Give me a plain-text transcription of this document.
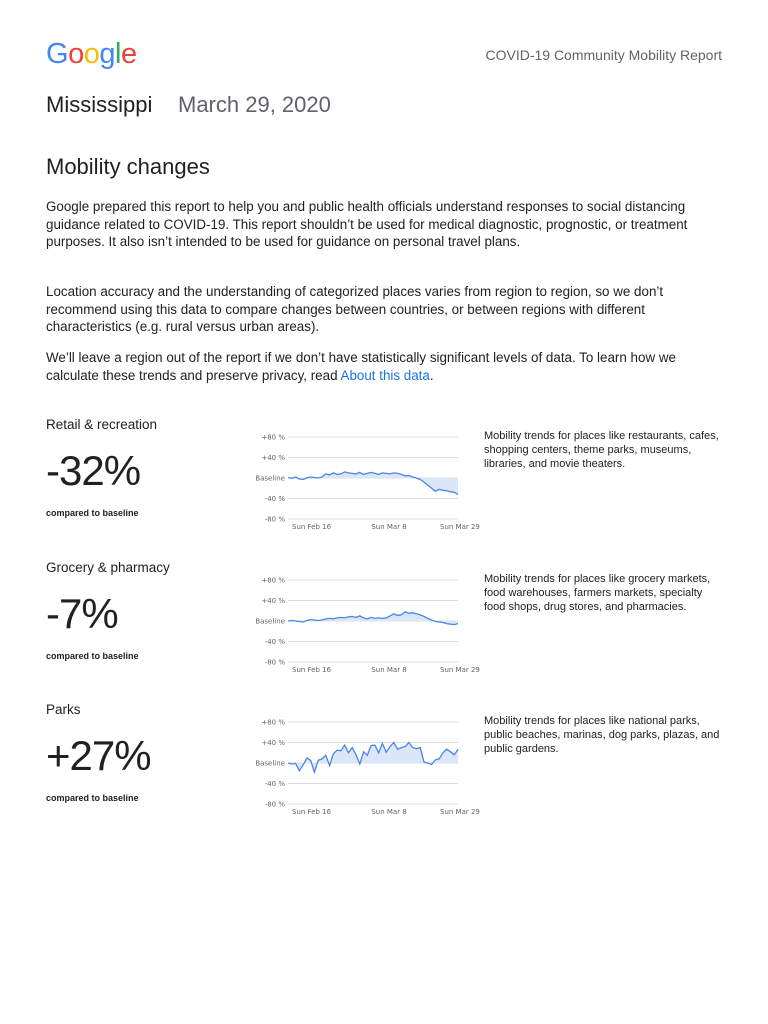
Google	COVID-19 Community Mobility Report
Mississippi March 29, 2020
Mobility changes

Google prepared this report to help you and public health officials understand responses to social distancing guidance related to COVID-19. This report shouldn’t be used for medical diagnostic, prognostic, or treatment purposes. It also isn’t intended to be used for guidance on personal travel plans.

Location accuracy and the understanding of categorized places varies from region to region, so we don’t recommend using this data to compare changes between countries, or between regions with different characteristics (e.g. rural versus urban areas).

We’ll leave a region out of the report if we don’t have statistically significant levels of data. To learn how we calculate these trends and preserve privacy, read About this data.

Retail & recreation
-32%
compared to baseline
+80 %
+40 %
Baseline
-40 %
-80 %
Sun Feb 16	Sun Mar 8	Sun Mar 29
Mobility trends for places like restaurants, cafes, shopping centers, theme parks, museums, libraries, and movie theaters.
Grocery & pharmacy
-7%
compared to baseline
+80 %
+40 %
Baseline
-40 %
-80 %
Sun Feb 16	Sun Mar 8	Sun Mar 29
Mobility trends for places like grocery markets, food warehouses, farmers markets, specialty food shops, drug stores, and pharmacies.
Parks
+27%
compared to baseline
+80 %
+40 %
Baseline
-40 %
-80 %
Sun Feb 16	Sun Mar 8	Sun Mar 29
Mobility trends for places like national parks, public beaches, marinas, dog parks, plazas, and public gardens.
